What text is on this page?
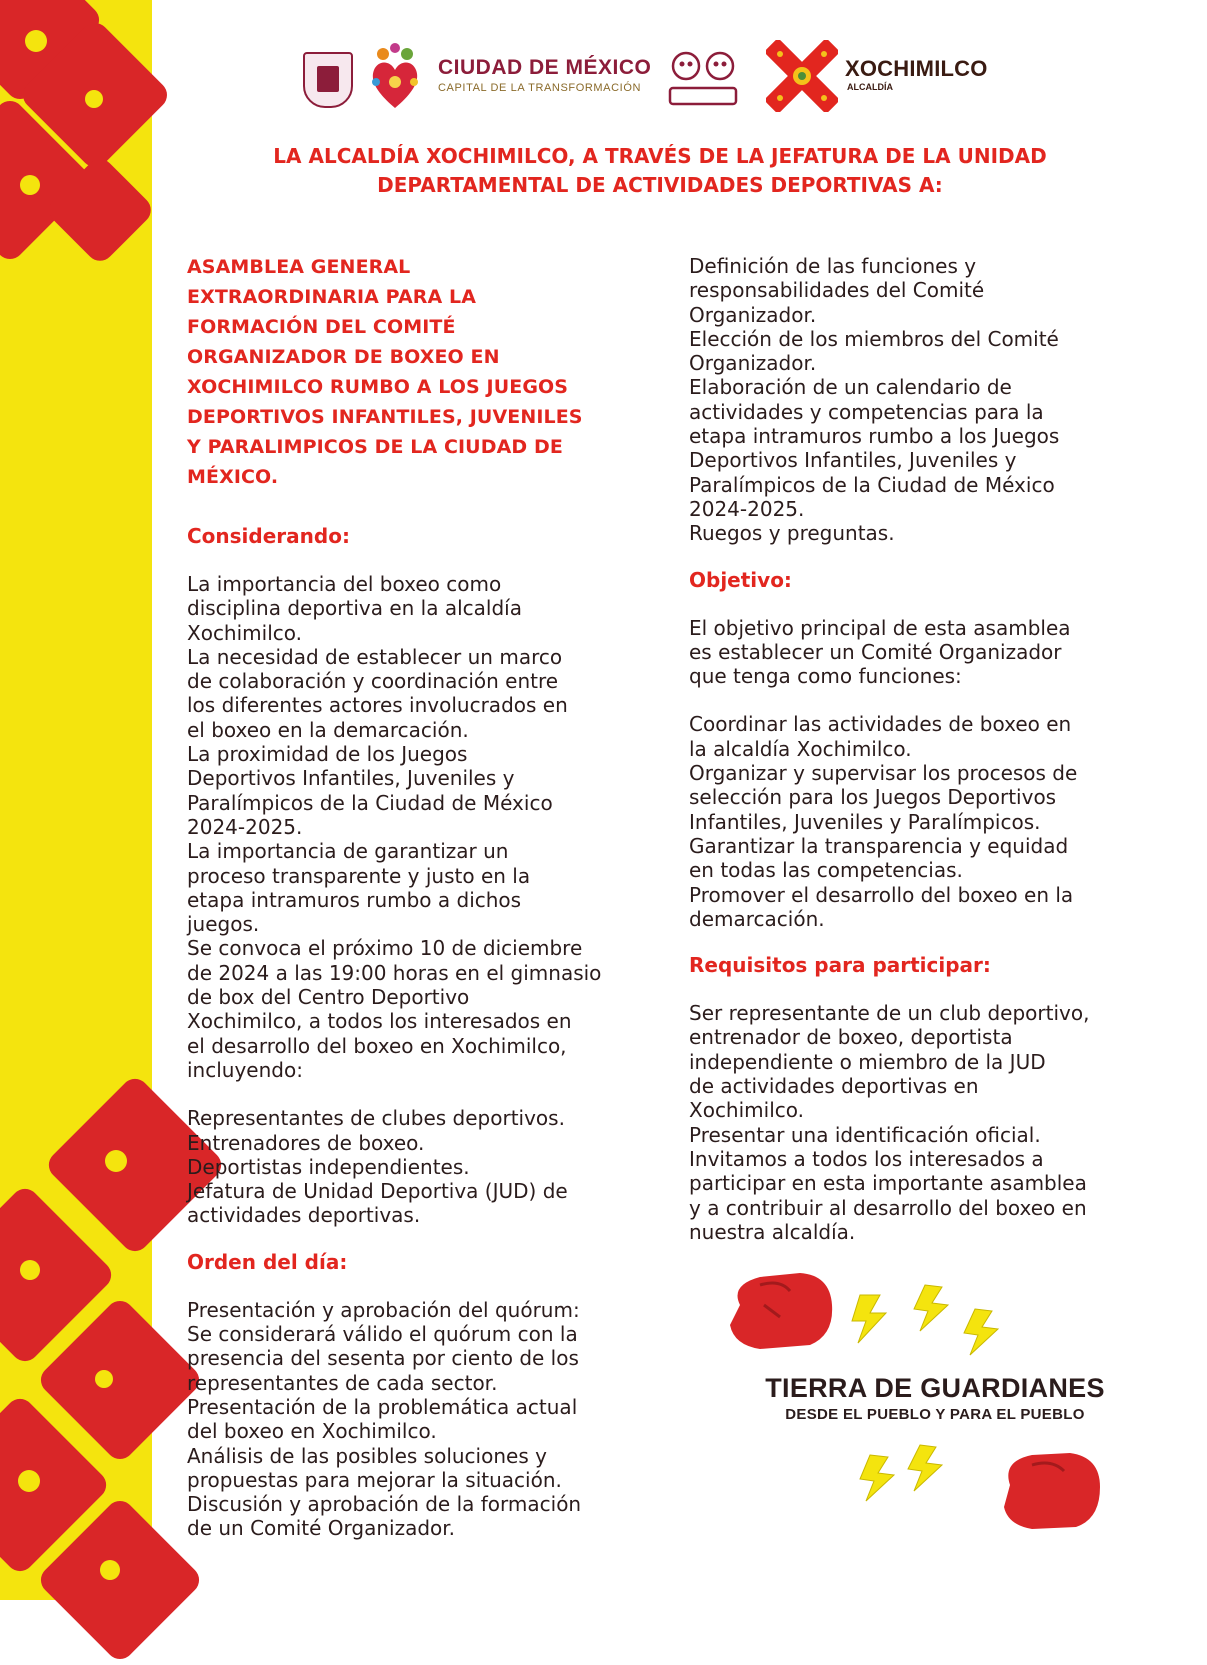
CIUDAD DE MÉXICO
CAPITAL DE LA TRANSFORMACIÓN
XOCHIMILCO
ALCALDÍA
LA ALCALDÍA XOCHIMILCO, A TRAVÉS DE LA JEFATURA DE LA UNIDAD
DEPARTAMENTAL DE ACTIVIDADES DEPORTIVAS A:
ASAMBLEA GENERAL
EXTRAORDINARIA PARA LA
FORMACIÓN DEL COMITÉ
ORGANIZADOR DE BOXEO EN
XOCHIMILCO RUMBO A LOS JUEGOS
DEPORTIVOS INFANTILES, JUVENILES
Y PARALIMPICOS DE LA CIUDAD DE
MÉXICO.
Considerando:
La importancia del boxeo como
disciplina deportiva en la alcaldía
Xochimilco.
La necesidad de establecer un marco
de colaboración y coordinación entre
los diferentes actores involucrados en
el boxeo en la demarcación.
La proximidad de los Juegos
Deportivos Infantiles, Juveniles y
Paralímpicos de la Ciudad de México
2024-2025.
La importancia de garantizar un
proceso transparente y justo en la
etapa intramuros rumbo a dichos
juegos.
Se convoca el próximo 10 de diciembre
de 2024 a las 19:00 horas en el gimnasio
de box del Centro Deportivo
Xochimilco, a todos los interesados en
el desarrollo del boxeo en Xochimilco,
incluyendo:
Representantes de clubes deportivos.
Entrenadores de boxeo.
Deportistas independientes.
Jefatura de Unidad Deportiva (JUD) de
actividades deportivas.
Orden del día:
Presentación y aprobación del quórum:
Se considerará válido el quórum con la
presencia del sesenta por ciento de los
representantes de cada sector.
Presentación de la problemática actual
del boxeo en Xochimilco.
Análisis de las posibles soluciones y
propuestas para mejorar la situación.
Discusión y aprobación de la formación
de un Comité Organizador.
Definición de las funciones y
responsabilidades del Comité
Organizador.
Elección de los miembros del Comité
Organizador.
Elaboración de un calendario de
actividades y competencias para la
etapa intramuros rumbo a los Juegos
Deportivos Infantiles, Juveniles y
Paralímpicos de la Ciudad de México
2024-2025.
Ruegos y preguntas.
Objetivo:
El objetivo principal de esta asamblea
es establecer un Comité Organizador
que tenga como funciones:
Coordinar las actividades de boxeo en
la alcaldía Xochimilco.
Organizar y supervisar los procesos de
selección para los Juegos Deportivos
Infantiles, Juveniles y Paralímpicos.
Garantizar la transparencia y equidad
en todas las competencias.
Promover el desarrollo del boxeo en la
demarcación.
Requisitos para participar:
Ser representante de un club deportivo,
entrenador de boxeo, deportista
independiente o miembro de la JUD
de actividades deportivas en
Xochimilco.
Presentar una identificación oficial.
Invitamos a todos los interesados a
participar en esta importante asamblea
y a contribuir al desarrollo del boxeo en
nuestra alcaldía.
TIERRA DE GUARDIANES
DESDE EL PUEBLO Y PARA EL PUEBLO
